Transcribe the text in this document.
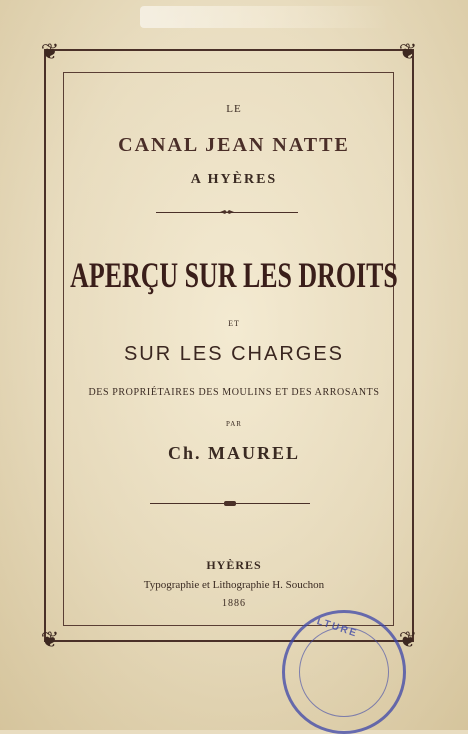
❦	❦
❦	❦
LE
CANAL JEAN NATTE
A HYÈRES
APERÇU SUR LES DROITS
ET
SUR LES CHARGES
DES PROPRIÉTAIRES DES MOULINS ET DES ARROSANTS
PAR
Ch. MAUREL
HYÈRES
Typographie et Lithographie H. Souchon
1886
ULTURE
